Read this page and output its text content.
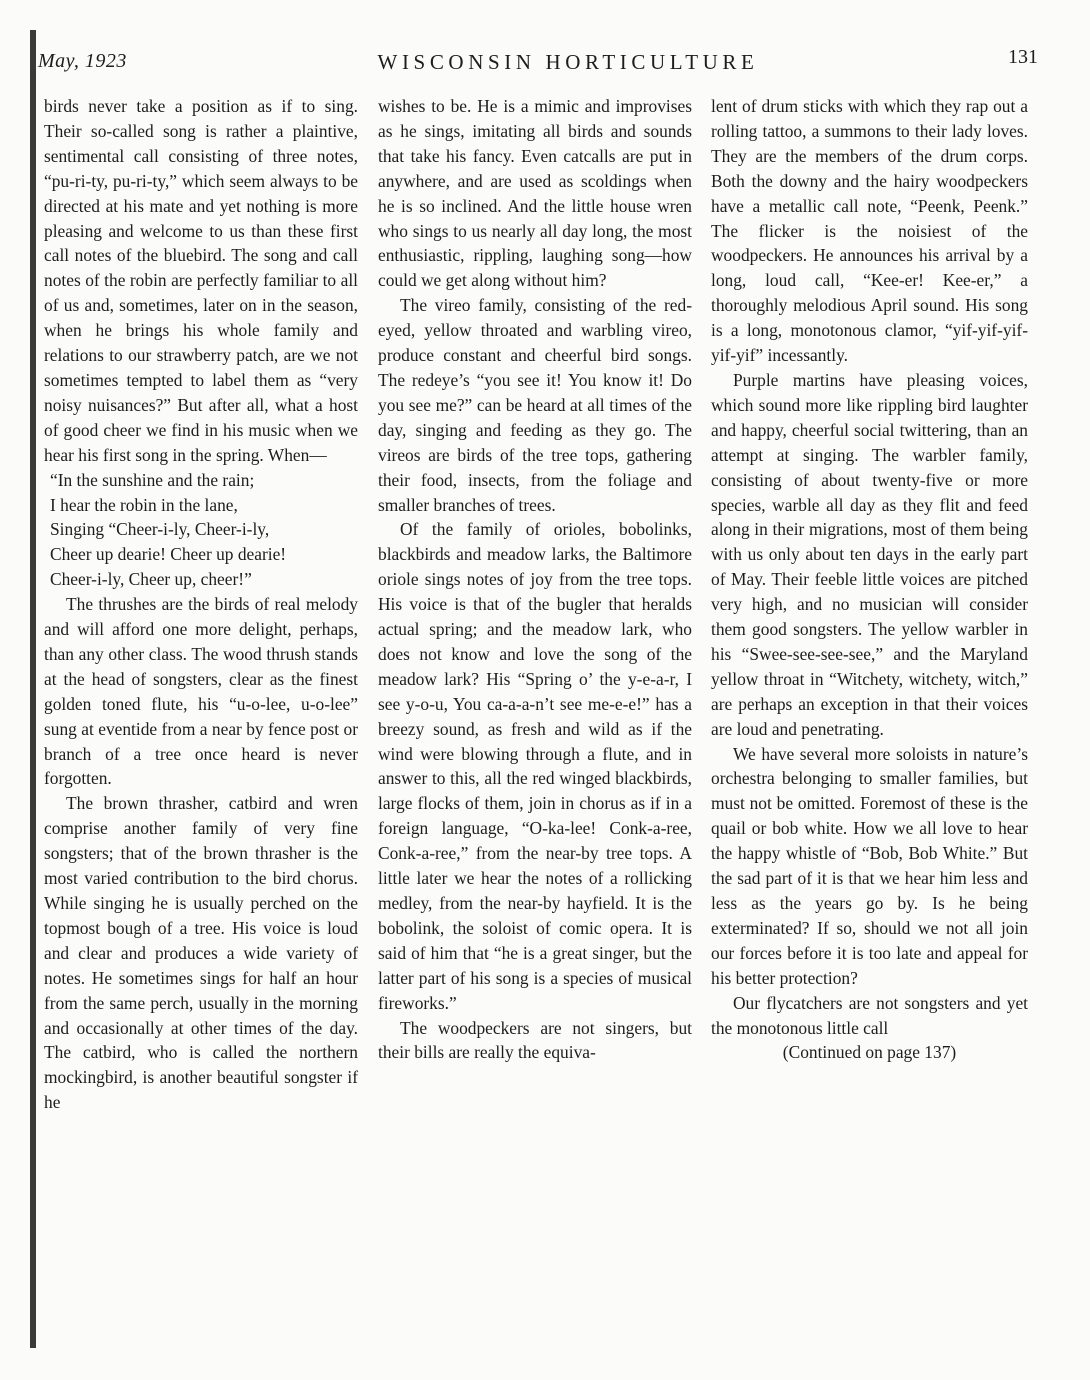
May, 1923	WISCONSIN HORTICULTURE	131

birds never take a position as if to sing. Their so-called song is rather a plaintive, sentimental call consisting of three notes, “pu-ri-ty, pu-ri-ty,” which seem always to be directed at his mate and yet nothing is more pleasing and welcome to us than these first call notes of the bluebird. The song and call notes of the robin are perfectly familiar to all of us and, sometimes, later on in the season, when he brings his whole family and relations to our strawberry patch, are we not sometimes tempted to label them as “very noisy nuisances?” But after all, what a host of good cheer we find in his music when we hear his first song in the spring. When—

“In the sunshine and the rain;
I hear the robin in the lane,
Singing “Cheer-i-ly, Cheer-i-ly,
Cheer up dearie! Cheer up dearie!
Cheer-i-ly, Cheer up, cheer!”

The thrushes are the birds of real melody and will afford one more delight, perhaps, than any other class. The wood thrush stands at the head of songsters, clear as the finest golden toned flute, his “u-o-lee, u-o-lee” sung at eventide from a near by fence post or branch of a tree once heard is never forgotten.

The brown thrasher, catbird and wren comprise another family of very fine songsters; that of the brown thrasher is the most varied contribution to the bird chorus. While singing he is usually perched on the topmost bough of a tree. His voice is loud and clear and produces a wide variety of notes. He sometimes sings for half an hour from the same perch, usually in the morning and occasionally at other times of the day. The catbird, who is called the northern mockingbird, is another beautiful songster if he

wishes to be. He is a mimic and improvises as he sings, imitating all birds and sounds that take his fancy. Even catcalls are put in anywhere, and are used as scoldings when he is so inclined. And the little house wren who sings to us nearly all day long, the most enthusiastic, rippling, laughing song—how could we get along without him?

The vireo family, consisting of the red-eyed, yellow throated and warbling vireo, produce constant and cheerful bird songs. The redeye’s “you see it! You know it! Do you see me?” can be heard at all times of the day, singing and feeding as they go. The vireos are birds of the tree tops, gathering their food, insects, from the foliage and smaller branches of trees.

Of the family of orioles, bobolinks, blackbirds and meadow larks, the Baltimore oriole sings notes of joy from the tree tops. His voice is that of the bugler that heralds actual spring; and the meadow lark, who does not know and love the song of the meadow lark? His “Spring o’ the y-e-a-r, I see y-o-u, You ca-a-a-n’t see me-e-e!” has a breezy sound, as fresh and wild as if the wind were blowing through a flute, and in answer to this, all the red winged blackbirds, large flocks of them, join in chorus as if in a foreign language, “O-ka-lee! Conk-a-ree, Conk-a-ree,” from the near-by tree tops. A little later we hear the notes of a rollicking medley, from the near-by hayfield. It is the bobolink, the soloist of comic opera. It is said of him that “he is a great singer, but the latter part of his song is a species of musical fireworks.”

The woodpeckers are not singers, but their bills are really the equiva-

lent of drum sticks with which they rap out a rolling tattoo, a summons to their lady loves. They are the members of the drum corps. Both the downy and the hairy woodpeckers have a metallic call note, “Peenk, Peenk.” The flicker is the noisiest of the woodpeckers. He announces his arrival by a long, loud call, “Kee-er! Kee-er,” a thoroughly melodious April sound. His song is a long, monotonous clamor, “yif-yif-yif-yif-yif” incessantly.

Purple martins have pleasing voices, which sound more like rippling bird laughter and happy, cheerful social twittering, than an attempt at singing. The warbler family, consisting of about twenty-five or more species, warble all day as they flit and feed along in their migrations, most of them being with us only about ten days in the early part of May. Their feeble little voices are pitched very high, and no musician will consider them good songsters. The yellow warbler in his “Swee-see-see-see,” and the Maryland yellow throat in “Witchety, witchety, witch,” are perhaps an exception in that their voices are loud and penetrating.

We have several more soloists in nature’s orchestra belonging to smaller families, but must not be omitted. Foremost of these is the quail or bob white. How we all love to hear the happy whistle of “Bob, Bob White.” But the sad part of it is that we hear him less and less as the years go by. Is he being exterminated? If so, should we not all join our forces before it is too late and appeal for his better protection?

Our flycatchers are not songsters and yet the monotonous little call

(Continued on page 137)
